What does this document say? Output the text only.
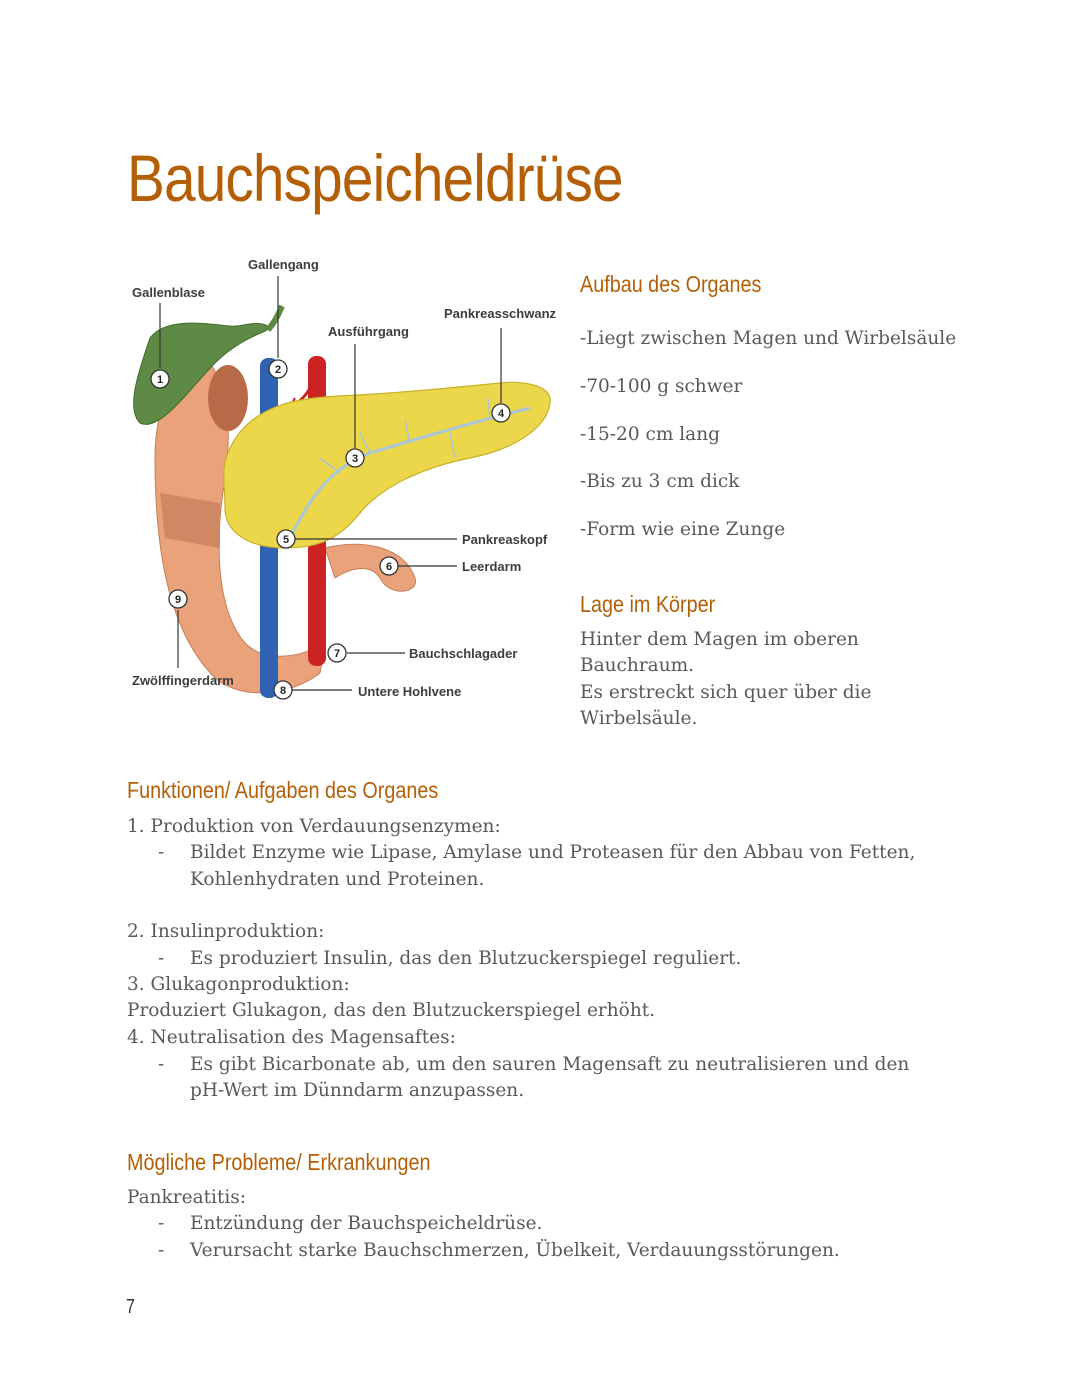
Bauchspeicheldrüse
1
2
3
4
5
6
7
8
9
Gallenblase
Gallengang
Ausführgang
Pankreasschwanz
Pankreaskopf
Leerdarm
Bauchschlagader
Untere Hohlvene
Zwölffingerdarm
Aufbau des Organes
-Liegt zwischen Magen und Wirbelsäule
-70-100 g schwer
-15-20 cm lang
-Bis zu 3 cm dick
-Form wie eine Zunge
Lage im Körper
Hinter dem Magen im oberen
Bauchraum.
Es erstreckt sich quer über die
Wirbelsäule.
Funktionen/ Aufgaben des Organes
1. Produktion von Verdauungsenzymen:
- Bildet Enzyme wie Lipase, Amylase und Proteasen für den Abbau von Fetten,
Kohlenhydraten und Proteinen.
2. Insulinproduktion:
- Es produziert Insulin, das den Blutzuckerspiegel reguliert.
3. Glukagonproduktion:
Produziert Glukagon, das den Blutzuckerspiegel erhöht.
4. Neutralisation des Magensaftes:
- Es gibt Bicarbonate ab, um den sauren Magensaft zu neutralisieren und den
pH-Wert im Dünndarm anzupassen.
Mögliche Probleme/ Erkrankungen
Pankreatitis:
- Entzündung der Bauchspeicheldrüse.
- Verursacht starke Bauchschmerzen, Übelkeit, Verdauungsstörungen.
7
